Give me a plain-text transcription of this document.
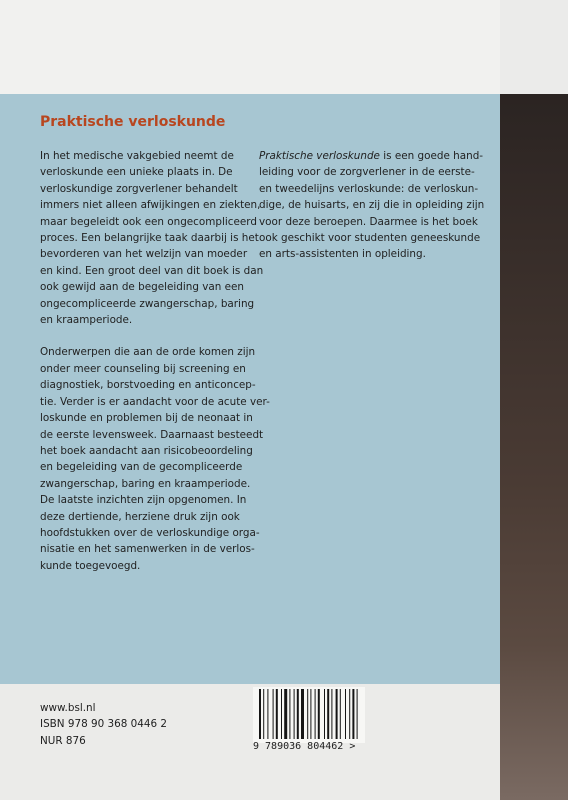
Praktische verloskunde
In het medische vakgebied neemt de
verloskunde een unieke plaats in. De
verloskundige zorgverlener behandelt
immers niet alleen afwijkingen en ziekten,
maar begeleidt ook een ongecompliceerd
proces. Een belangrijke taak daarbij is het
bevorderen van het welzijn van moeder
en kind. Een groot deel van dit boek is dan
ook gewijd aan de begeleiding van een
ongecompliceerde zwangerschap, baring
en kraamperiode.
Onderwerpen die aan de orde komen zijn
onder meer counseling bij screening en
diagnostiek, borstvoeding en anticoncep-
tie. Verder is er aandacht voor de acute ver-
loskunde en problemen bij de neonaat in
de eerste levensweek. Daarnaast besteedt
het boek aandacht aan risicobeoordeling
en begeleiding van de gecompliceerde
zwangerschap, baring en kraamperiode.
De laatste inzichten zijn opgenomen. In
deze dertiende, herziene druk zijn ook
hoofdstukken over de verloskundige orga-
nisatie en het samenwerken in de verlos-
kunde toegevoegd.
Praktische verloskunde is een goede hand-
leiding voor de zorgverlener in de eerste-
en tweedelijns verloskunde: de verloskun-
dige, de huisarts, en zij die in opleiding zijn
voor deze beroepen. Daarmee is het boek
ook geschikt voor studenten geneeskunde
en arts-assistenten in opleiding.
www.bsl.nl
ISBN 978 90 368 0446 2
NUR 876	9 789036 804462 >
